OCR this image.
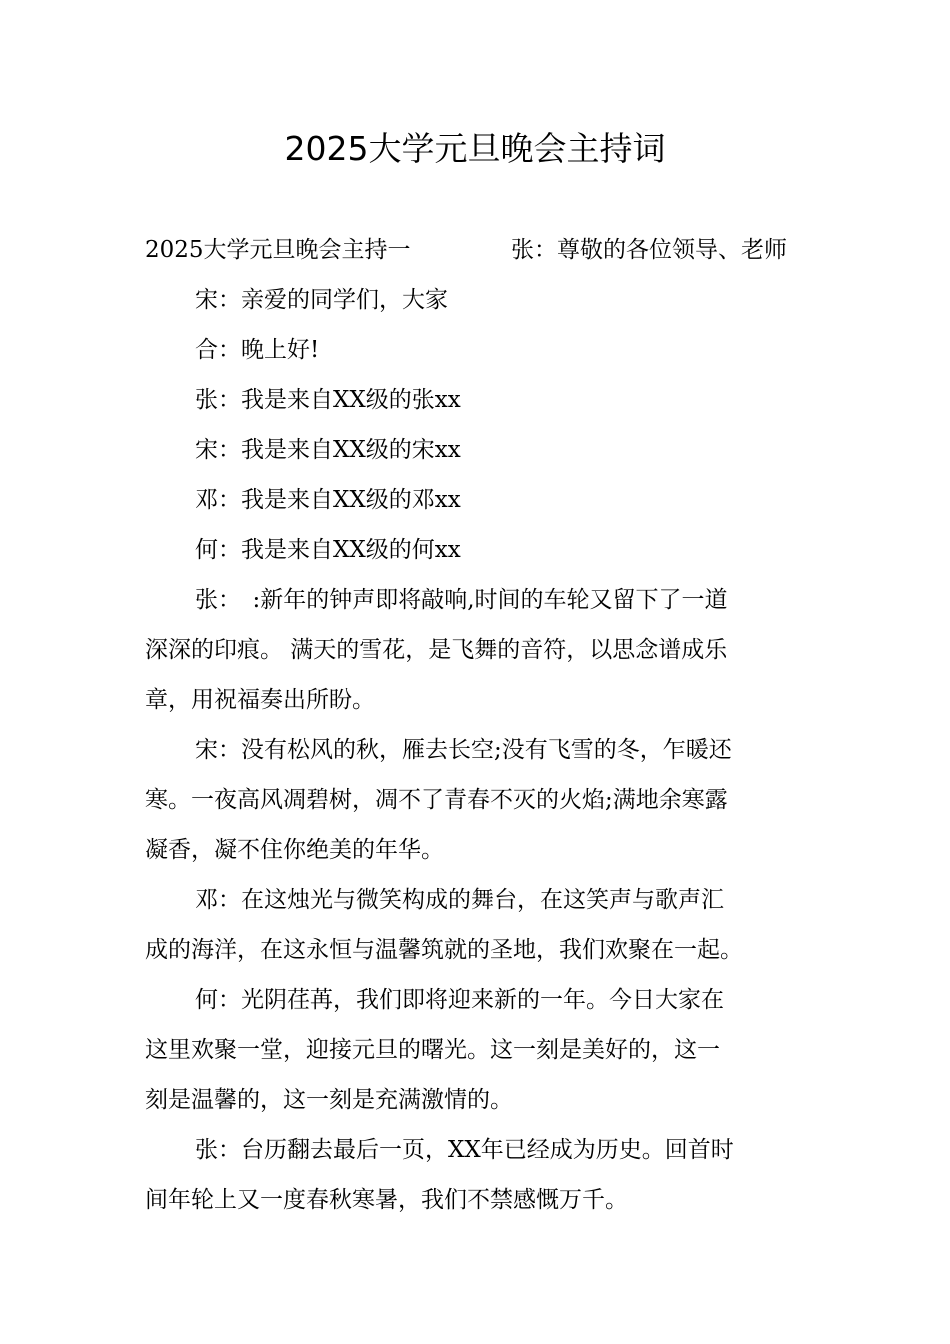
2025大学元旦晚会主持词
2025大学元旦晚会主持一	张：尊敬的各位领导、老师
宋：亲爱的同学们，大家
合：晚上好!
张：我是来自XX级的张xx
宋：我是来自XX级的宋xx
邓：我是来自XX级的邓xx
何：我是来自XX级的何xx
张：　:新年的钟声即将敲响,时间的车轮又留下了一道
深深的印痕。 满天的雪花，是飞舞的音符，以思念谱成乐
章，用祝福奏出所盼。
宋：没有松风的秋，雁去长空;没有飞雪的冬，乍暖还
寒。一夜高风凋碧树，凋不了青春不灭的火焰;满地余寒露
凝香，凝不住你绝美的年华。
邓：在这烛光与微笑构成的舞台，在这笑声与歌声汇
成的海洋，在这永恒与温馨筑就的圣地，我们欢聚在一起。
何：光阴荏苒，我们即将迎来新的一年。今日大家在
这里欢聚一堂，迎接元旦的曙光。这一刻是美好的，这一
刻是温馨的，这一刻是充满激情的。
张：台历翻去最后一页，XX年已经成为历史。回首时
间年轮上又一度春秋寒暑，我们不禁感慨万千。
